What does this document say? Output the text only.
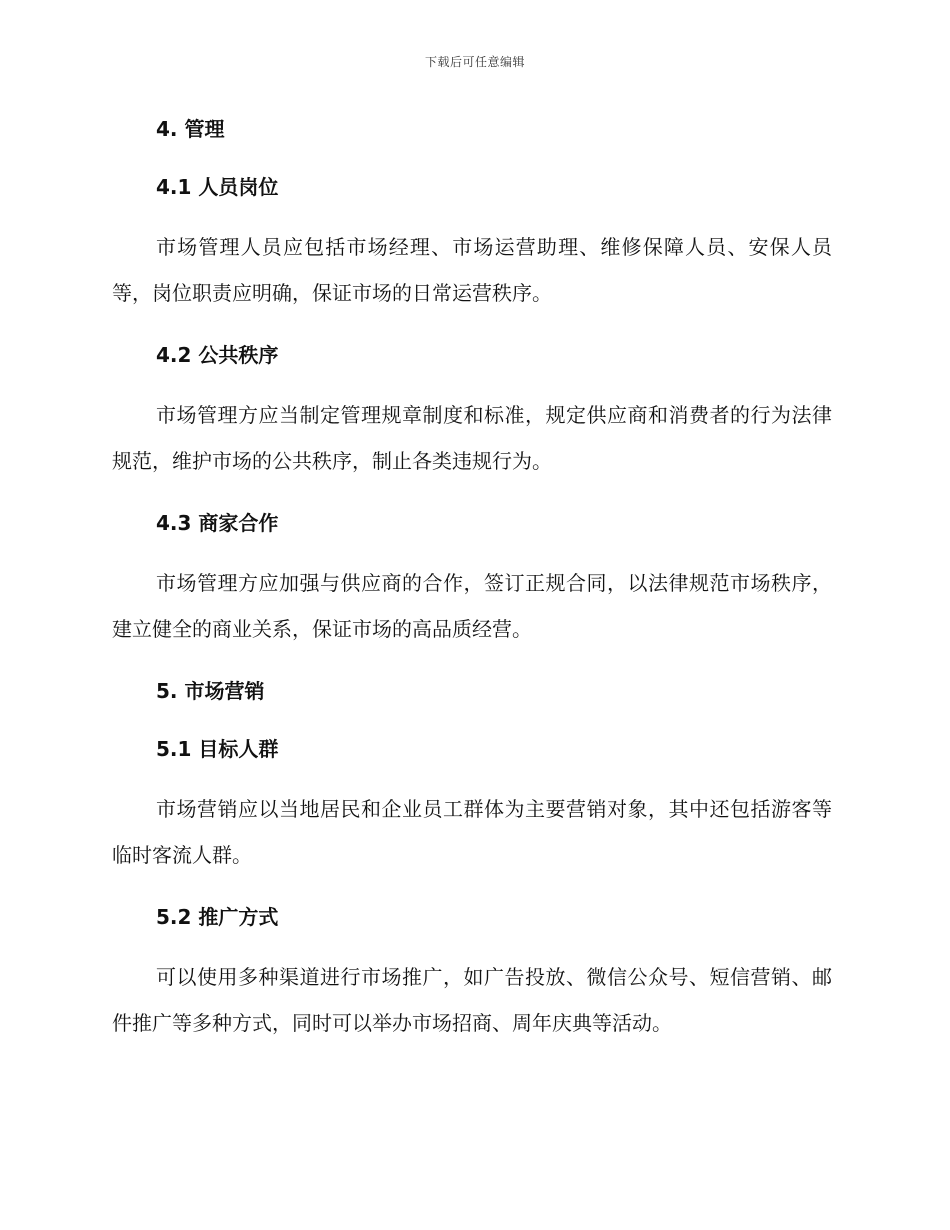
下载后可任意编辑
4. 管理
4.1 人员岗位

市场管理人员应包括市场经理、市场运营助理、维修保障人员、安保人员等，岗位职责应明确，保证市场的日常运营秩序。

4.2 公共秩序

市场管理方应当制定管理规章制度和标准，规定供应商和消费者的行为法律规范，维护市场的公共秩序，制止各类违规行为。

4.3 商家合作

市场管理方应加强与供应商的合作，签订正规合同，以法律规范市场秩序，建立健全的商业关系，保证市场的高品质经营。

5. 市场营销
5.1 目标人群

市场营销应以当地居民和企业员工群体为主要营销对象，其中还包括游客等临时客流人群。

5.2 推广方式

可以使用多种渠道进行市场推广，如广告投放、微信公众号、短信营销、邮件推广等多种方式，同时可以举办市场招商、周年庆典等活动。
